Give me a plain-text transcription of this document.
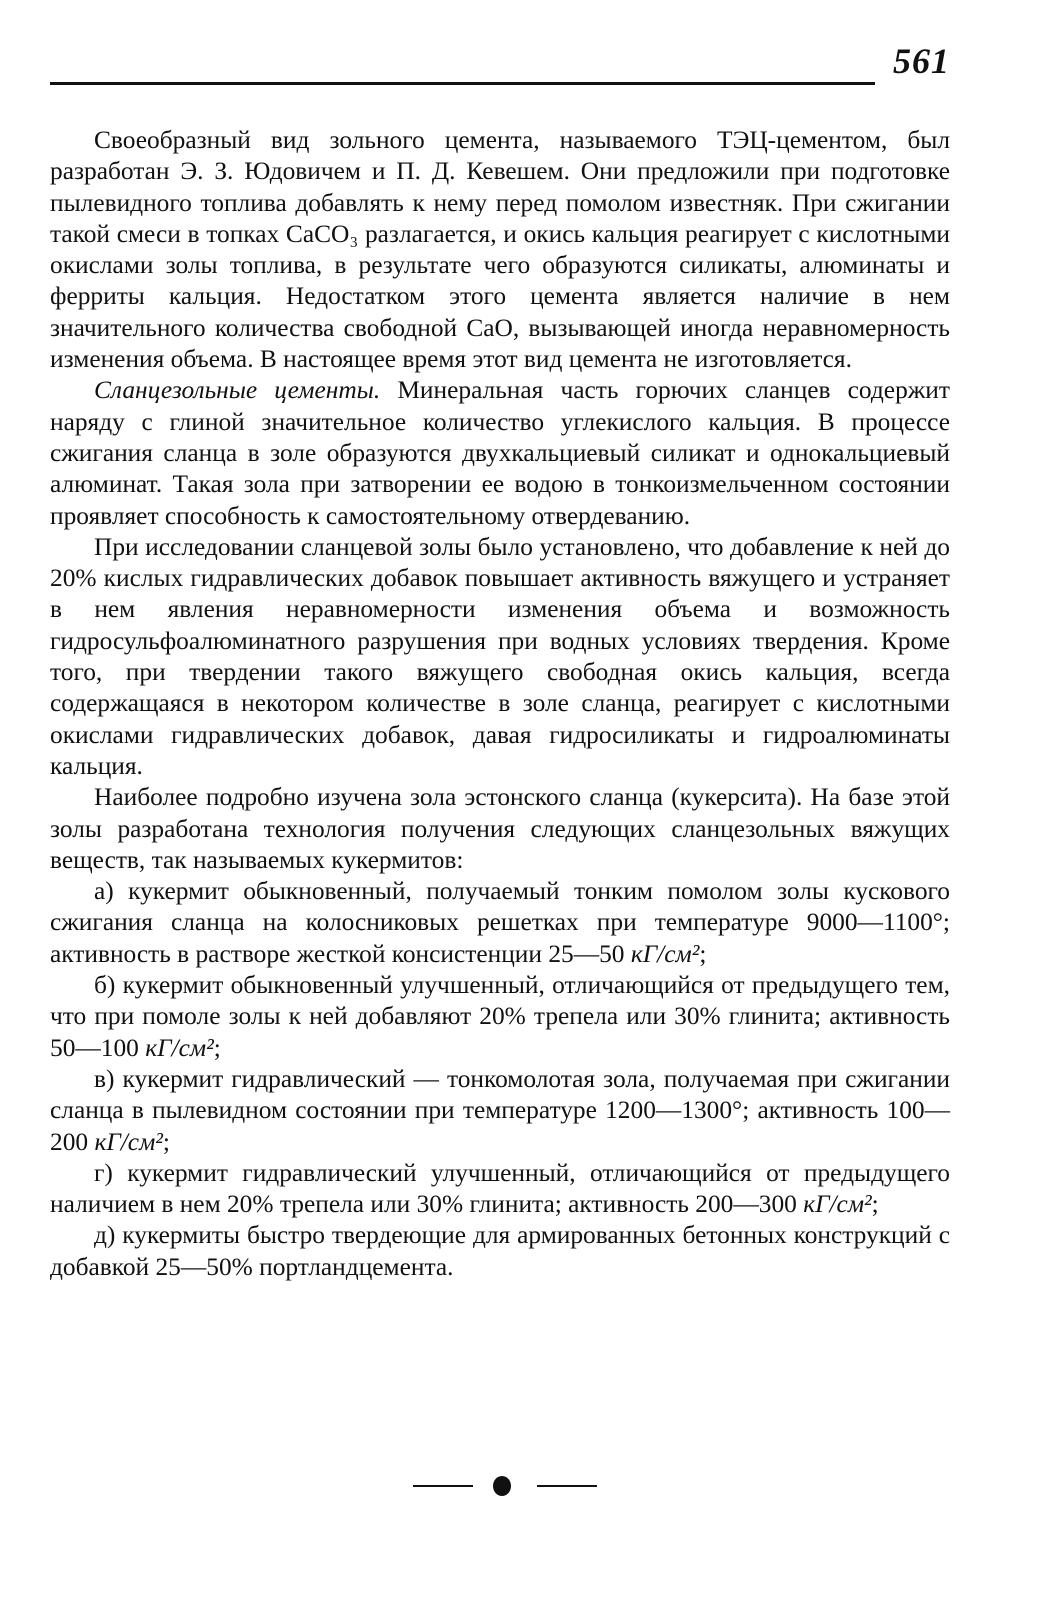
561

Своеобразный вид зольного цемента, называемого ТЭЦ-цементом, был разработан Э. З. Юдовичем и П. Д. Кевешем. Они предложили при подготовке пылевидного топлива добавлять к нему перед помолом известняк. При сжигании такой смеси в топках CaCO₃ разлагается, и окись кальция реагирует с кислотными окислами золы топлива, в результате чего образуются силикаты, алюминаты и ферриты кальция. Недостатком этого цемента является наличие в нем значительного количества свободной CaO, вызывающей иногда неравномерность изменения объема. В настоящее время этот вид цемента не изготовляется.

Сланцезольные цементы. Минеральная часть горючих сланцев содержит наряду с глиной значительное количество углекислого кальция. В процессе сжигания сланца в золе образуются двухкальциевый силикат и однокальциевый алюминат. Такая зола при затворении ее водою в тонкоизмельченном состоянии проявляет способность к самостоятельному отвердеванию.

При исследовании сланцевой золы было установлено, что добавление к ней до 20% кислых гидравлических добавок повышает активность вяжущего и устраняет в нем явления неравномерности изменения объема и возможность гидросульфоалюминатного разрушения при водных условиях твердения. Кроме того, при твердении такого вяжущего свободная окись кальция, всегда содержащаяся в некотором количестве в золе сланца, реагирует с кислотными окислами гидравлических добавок, давая гидросиликаты и гидроалюминаты кальция.

Наиболее подробно изучена зола эстонского сланца (кукерсита). На базе этой золы разработана технология получения следующих сланцезольных вяжущих веществ, так называемых кукермитов:

а) кукермит обыкновенный, получаемый тонким помолом золы кускового сжигания сланца на колосниковых решетках при температуре 9000—1100°; активность в растворе жесткой консистенции 25—50 кГ/см²;

б) кукермит обыкновенный улучшенный, отличающийся от предыдущего тем, что при помоле золы к ней добавляют 20% трепела или 30% глинита; активность 50—100 кГ/см²;

в) кукермит гидравлический — тонкомолотая зола, получаемая при сжигании сланца в пылевидном состоянии при температуре 1200—1300°; активность 100—200 кГ/см²;

г) кукермит гидравлический улучшенный, отличающийся от предыдущего наличием в нем 20% трепела или 30% глинита; активность 200—300 кГ/см²;

д) кукермиты быстро твердеющие для армированных бетонных конструкций с добавкой 25—50% портландцемента.
